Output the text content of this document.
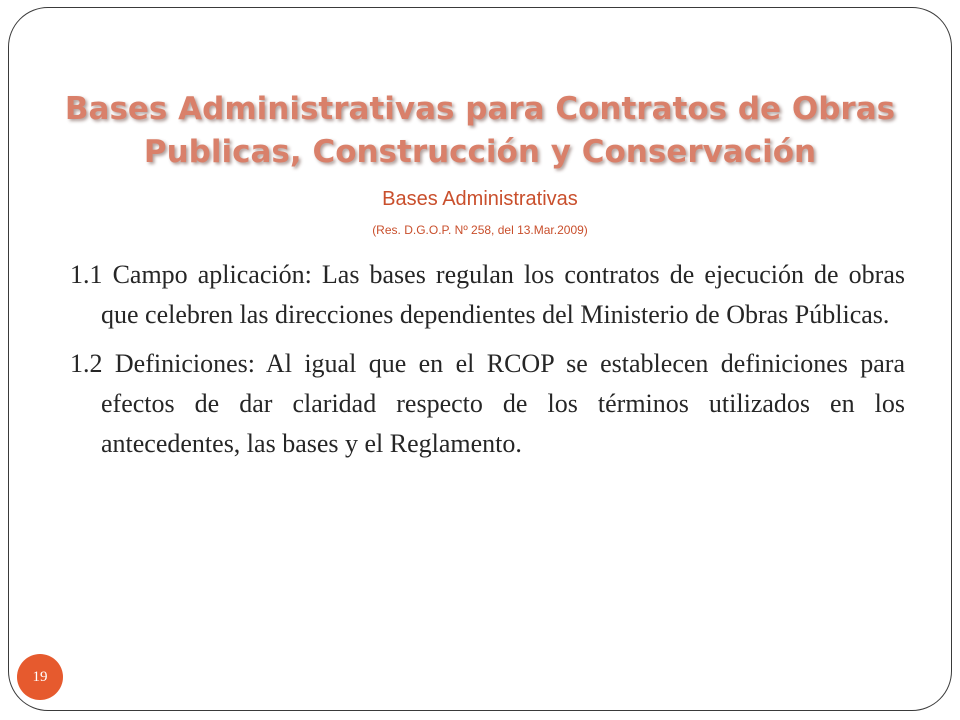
Bases Administrativas para Contratos de Obras
Publicas, Construcción y Conservación

Bases Administrativas

(Res. D.G.O.P. Nº 258, del 13.Mar.2009)

1.1 Campo aplicación: Las bases regulan los contratos de ejecución de obras que celebren las direcciones dependientes del Ministerio de Obras Públicas.

1.2 Definiciones: Al igual que en el RCOP se establecen definiciones para efectos de dar claridad respecto de los términos utilizados en los antecedentes, las bases y el Reglamento.

19
